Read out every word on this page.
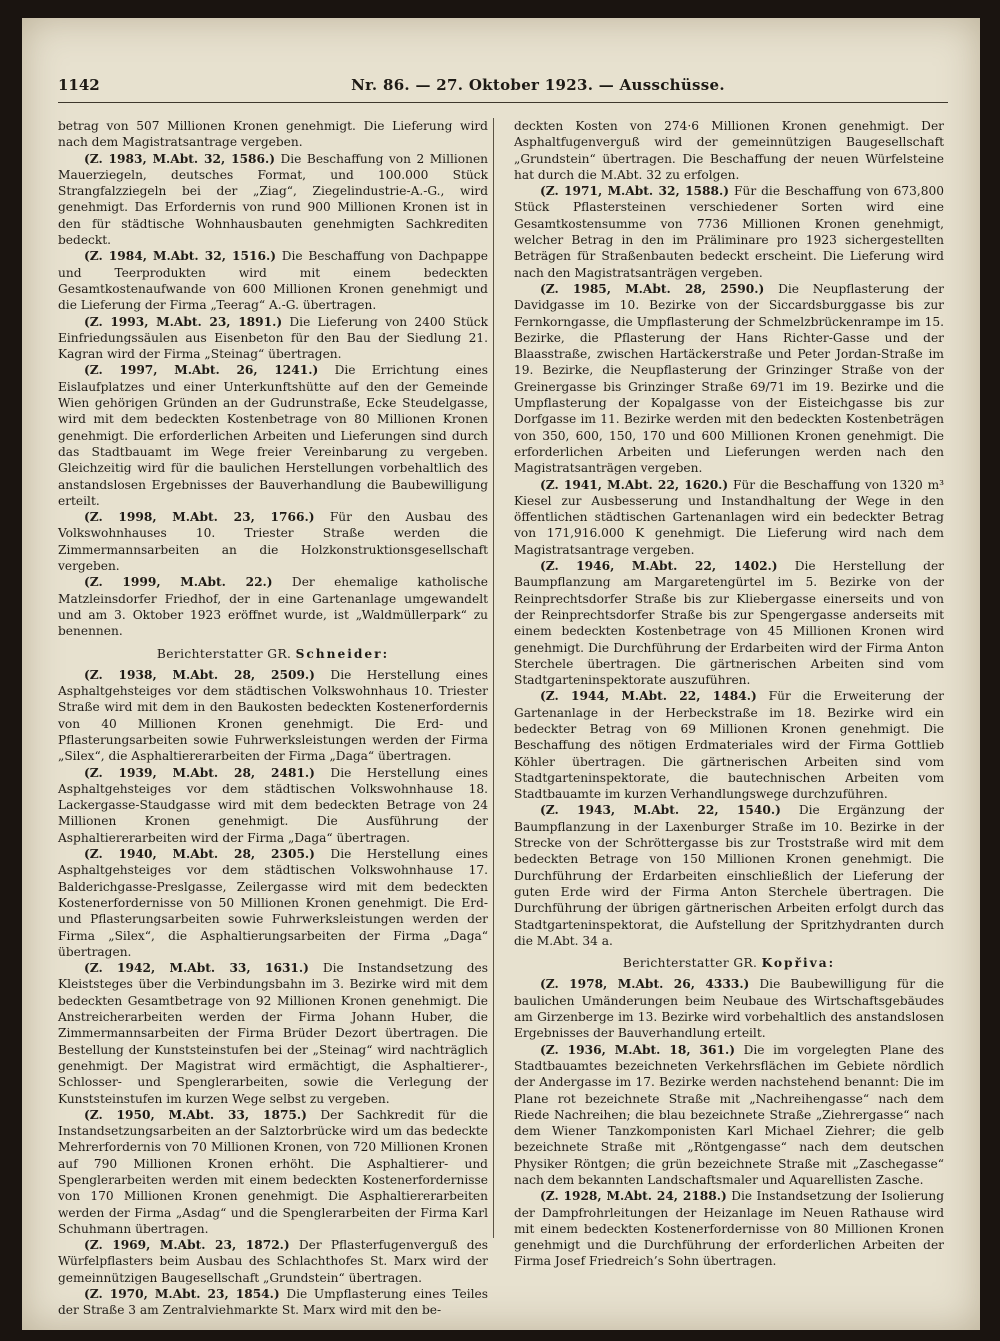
1142	Nr. 86. — 27. Oktober 1923. — Ausschüsse.

betrag von 507 Millionen Kronen genehmigt. Die Lieferung wird nach dem Magistratsantrage vergeben.

(Z. 1983, M.Abt. 32, 1586.) Die Beschaffung von 2 Millionen Mauerziegeln, deutsches Format, und 100.000 Stück Strangfalzziegeln bei der „Ziag“, Ziegelindustrie-A.-G., wird genehmigt. Das Erfordernis von rund 900 Millionen Kronen ist in den für städtische Wohnhausbauten genehmigten Sachkrediten bedeckt.

(Z. 1984, M.Abt. 32, 1516.) Die Beschaffung von Dachpappe und Teerprodukten wird mit einem bedeckten Gesamtkostenaufwande von 600 Millionen Kronen genehmigt und die Lieferung der Firma „Teerag“ A.-G. übertragen.

(Z. 1993, M.Abt. 23, 1891.) Die Lieferung von 2400 Stück Einfriedungssäulen aus Eisenbeton für den Bau der Siedlung 21. Kagran wird der Firma „Steinag“ übertragen.

(Z. 1997, M.Abt. 26, 1241.) Die Errichtung eines Eislaufplatzes und einer Unterkunftshütte auf den der Gemeinde Wien gehörigen Gründen an der Gudrunstraße, Ecke Steudelgasse, wird mit dem bedeckten Kostenbetrage von 80 Millionen Kronen genehmigt. Die erforderlichen Arbeiten und Lieferungen sind durch das Stadtbauamt im Wege freier Vereinbarung zu vergeben. Gleichzeitig wird für die baulichen Herstellungen vorbehaltlich des anstandslosen Ergebnisses der Bauverhandlung die Baubewilligung erteilt.

(Z. 1998, M.Abt. 23, 1766.) Für den Ausbau des Volkswohnhauses 10. Triester Straße werden die Zimmermannsarbeiten an die Holzkonstruktionsgesellschaft vergeben.

(Z. 1999, M.Abt. 22.) Der ehemalige katholische Matzleinsdorfer Friedhof, der in eine Gartenanlage umgewandelt und am 3. Oktober 1923 eröffnet wurde, ist „Waldmüllerpark“ zu benennen.

Berichterstatter GR. Schneider:

(Z. 1938, M.Abt. 28, 2509.) Die Herstellung eines Asphaltgehsteiges vor dem städtischen Volkswohnhaus 10. Triester Straße wird mit dem in den Baukosten bedeckten Kostenerfordernis von 40 Millionen Kronen genehmigt. Die Erd- und Pflasterungsarbeiten sowie Fuhrwerksleistungen werden der Firma „Silex“, die Asphaltiererarbeiten der Firma „Daga“ übertragen.

(Z. 1939, M.Abt. 28, 2481.) Die Herstellung eines Asphaltgehsteiges vor dem städtischen Volkswohnhause 18. Lackergasse-Staudgasse wird mit dem bedeckten Betrage von 24 Millionen Kronen genehmigt. Die Ausführung der Asphaltiererarbeiten wird der Firma „Daga“ übertragen.

(Z. 1940, M.Abt. 28, 2305.) Die Herstellung eines Asphaltgehsteiges vor dem städtischen Volkswohnhause 17. Balderichgasse-Preslgasse, Zeilergasse wird mit dem bedeckten Kostenerfordernisse von 50 Millionen Kronen genehmigt. Die Erd- und Pflasterungsarbeiten sowie Fuhrwerksleistungen werden der Firma „Silex“, die Asphaltierungsarbeiten der Firma „Daga“ übertragen.

(Z. 1942, M.Abt. 33, 1631.) Die Instandsetzung des Kleiststeges über die Verbindungsbahn im 3. Bezirke wird mit dem bedeckten Gesamtbetrage von 92 Millionen Kronen genehmigt. Die Anstreicherarbeiten werden der Firma Johann Huber, die Zimmermannsarbeiten der Firma Brüder Dezort übertragen. Die Bestellung der Kunststeinstufen bei der „Steinag“ wird nachträglich genehmigt. Der Magistrat wird ermächtigt, die Asphaltierer-, Schlosser- und Spenglerarbeiten, sowie die Verlegung der Kunststeinstufen im kurzen Wege selbst zu vergeben.

(Z. 1950, M.Abt. 33, 1875.) Der Sachkredit für die Instandsetzungsarbeiten an der Salztorbrücke wird um das bedeckte Mehrerfordernis von 70 Millionen Kronen, von 720 Millionen Kronen auf 790 Millionen Kronen erhöht. Die Asphaltierer- und Spenglerarbeiten werden mit einem bedeckten Kostenerfordernisse von 170 Millionen Kronen genehmigt. Die Asphaltiererarbeiten werden der Firma „Asdag“ und die Spenglerarbeiten der Firma Karl Schuhmann übertragen.

(Z. 1969, M.Abt. 23, 1872.) Der Pflasterfugenverguß des Würfelpflasters beim Ausbau des Schlachthofes St. Marx wird der gemeinnützigen Baugesellschaft „Grundstein“ übertragen.

(Z. 1970, M.Abt. 23, 1854.) Die Umpflasterung eines Teiles der Straße 3 am Zentralviehmarkte St. Marx wird mit den be-

deckten Kosten von 274·6 Millionen Kronen genehmigt. Der Asphaltfugenverguß wird der gemeinnützigen Baugesellschaft „Grundstein“ übertragen. Die Beschaffung der neuen Würfelsteine hat durch die M.Abt. 32 zu erfolgen.

(Z. 1971, M.Abt. 32, 1588.) Für die Beschaffung von 673,800 Stück Pflastersteinen verschiedener Sorten wird eine Gesamtkostensumme von 7736 Millionen Kronen genehmigt, welcher Betrag in den im Präliminare pro 1923 sichergestellten Beträgen für Straßenbauten bedeckt erscheint. Die Lieferung wird nach den Magistratsanträgen vergeben.

(Z. 1985, M.Abt. 28, 2590.) Die Neupflasterung der Davidgasse im 10. Bezirke von der Siccardsburggasse bis zur Fernkorngasse, die Umpflasterung der Schmelzbrückenrampe im 15. Bezirke, die Pflasterung der Hans Richter-Gasse und der Blaasstraße, zwischen Hartäckerstraße und Peter Jordan-Straße im 19. Bezirke, die Neupflasterung der Grinzinger Straße von der Greinergasse bis Grinzinger Straße 69/71 im 19. Bezirke und die Umpflasterung der Kopalgasse von der Eisteichgasse bis zur Dorfgasse im 11. Bezirke werden mit den bedeckten Kostenbeträgen von 350, 600, 150, 170 und 600 Millionen Kronen genehmigt. Die erforderlichen Arbeiten und Lieferungen werden nach den Magistratsanträgen vergeben.

(Z. 1941, M.Abt. 22, 1620.) Für die Beschaffung von 1320 m³ Kiesel zur Ausbesserung und Instandhaltung der Wege in den öffentlichen städtischen Gartenanlagen wird ein bedeckter Betrag von 171,916.000 K genehmigt. Die Lieferung wird nach dem Magistratsantrage vergeben.

(Z. 1946, M.Abt. 22, 1402.) Die Herstellung der Baumpflanzung am Margaretengürtel im 5. Bezirke von der Reinprechtsdorfer Straße bis zur Kliebergasse einerseits und von der Reinprechtsdorfer Straße bis zur Spengergasse anderseits mit einem bedeckten Kostenbetrage von 45 Millionen Kronen wird genehmigt. Die Durchführung der Erdarbeiten wird der Firma Anton Sterchele übertragen. Die gärtnerischen Arbeiten sind vom Stadtgarteninspektorate auszuführen.

(Z. 1944, M.Abt. 22, 1484.) Für die Erweiterung der Gartenanlage in der Herbeckstraße im 18. Bezirke wird ein bedeckter Betrag von 69 Millionen Kronen genehmigt. Die Beschaffung des nötigen Erdmateriales wird der Firma Gottlieb Köhler übertragen. Die gärtnerischen Arbeiten sind vom Stadtgarteninspektorate, die bautechnischen Arbeiten vom Stadtbauamte im kurzen Verhandlungswege durchzuführen.

(Z. 1943, M.Abt. 22, 1540.) Die Ergänzung der Baumpflanzung in der Laxenburger Straße im 10. Bezirke in der Strecke von der Schröttergasse bis zur Troststraße wird mit dem bedeckten Betrage von 150 Millionen Kronen genehmigt. Die Durchführung der Erdarbeiten einschließlich der Lieferung der guten Erde wird der Firma Anton Sterchele übertragen. Die Durchführung der übrigen gärtnerischen Arbeiten erfolgt durch das Stadtgarteninspektorat, die Aufstellung der Spritzhydranten durch die M.Abt. 34 a.

Berichterstatter GR. Kopřiva:

(Z. 1978, M.Abt. 26, 4333.) Die Baubewilligung für die baulichen Umänderungen beim Neubaue des Wirtschaftsgebäudes am Girzenberge im 13. Bezirke wird vorbehaltlich des anstandslosen Ergebnisses der Bauverhandlung erteilt.

(Z. 1936, M.Abt. 18, 361.) Die im vorgelegten Plane des Stadtbauamtes bezeichneten Verkehrsflächen im Gebiete nördlich der Andergasse im 17. Bezirke werden nachstehend benannt: Die im Plane rot bezeichnete Straße mit „Nachreihengasse“ nach dem Riede Nachreihen; die blau bezeichnete Straße „Ziehrergasse“ nach dem Wiener Tanzkomponisten Karl Michael Ziehrer; die gelb bezeichnete Straße mit „Röntgengasse“ nach dem deutschen Physiker Röntgen; die grün bezeichnete Straße mit „Zaschegasse“ nach dem bekannten Landschaftsmaler und Aquarellisten Zasche.

(Z. 1928, M.Abt. 24, 2188.) Die Instandsetzung der Isolierung der Dampfrohrleitungen der Heizanlage im Neuen Rathause wird mit einem bedeckten Kostenerfordernisse von 80 Millionen Kronen genehmigt und die Durchführung der erforderlichen Arbeiten der Firma Josef Friedreich’s Sohn übertragen.
